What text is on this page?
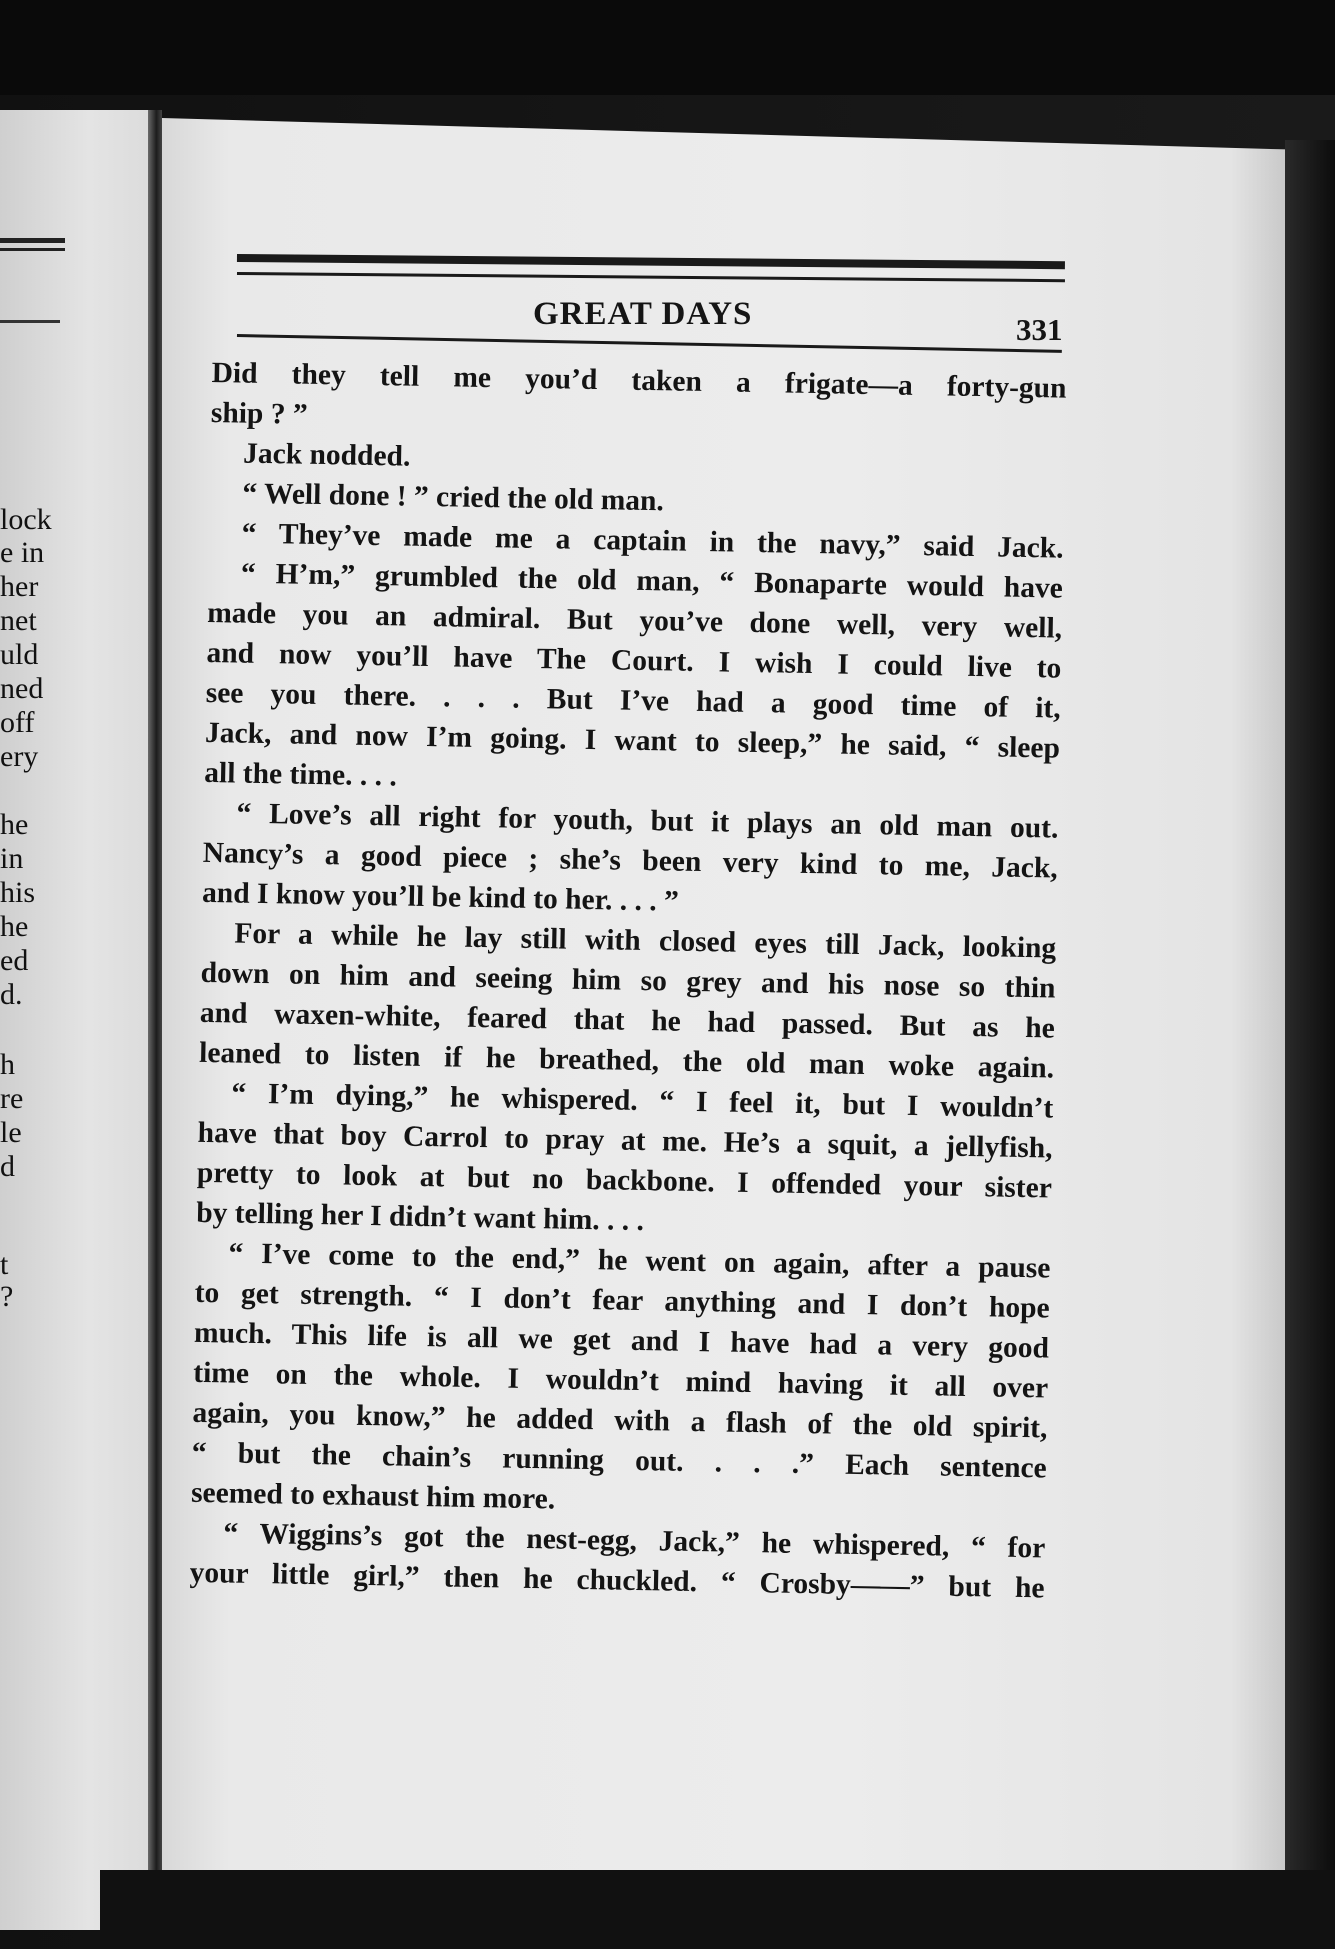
lock
e in
her
net
uld
ned
off
ery
he
in
his
he
ed
d.
h
re
le
d
t
?
GREAT DAYS	331
Did they tell me you’d taken a frigate—a forty-gun
ship ? ”
Jack nodded.
“ Well done ! ” cried the old man.
“ They’ve made me a captain in the navy,” said Jack.
“ H’m,” grumbled the old man, “ Bonaparte would have
made you an admiral. But you’ve done well, very well,
and now you’ll have The Court. I wish I could live to
see you there. . . . But I’ve had a good time of it,
Jack, and now I’m going. I want to sleep,” he said, “ sleep
all the time. . . .
“ Love’s all right for youth, but it plays an old man out.
Nancy’s a good piece ; she’s been very kind to me, Jack,
and I know you’ll be kind to her. . . . ”
For a while he lay still with closed eyes till Jack, looking
down on him and seeing him so grey and his nose so thin
and waxen-white, feared that he had passed. But as he
leaned to listen if he breathed, the old man woke again.
“ I’m dying,” he whispered. “ I feel it, but I wouldn’t
have that boy Carrol to pray at me. He’s a squit, a jellyfish,
pretty to look at but no backbone. I offended your sister
by telling her I didn’t want him. . . .
“ I’ve come to the end,” he went on again, after a pause
to get strength. “ I don’t fear anything and I don’t hope
much. This life is all we get and I have had a very good
time on the whole. I wouldn’t mind having it all over
again, you know,” he added with a flash of the old spirit,
“ but the chain’s running out. . . .” Each sentence
seemed to exhaust him more.
“ Wiggins’s got the nest-egg, Jack,” he whispered, “ for
your little girl,” then he chuckled. “ Crosby——” but he
